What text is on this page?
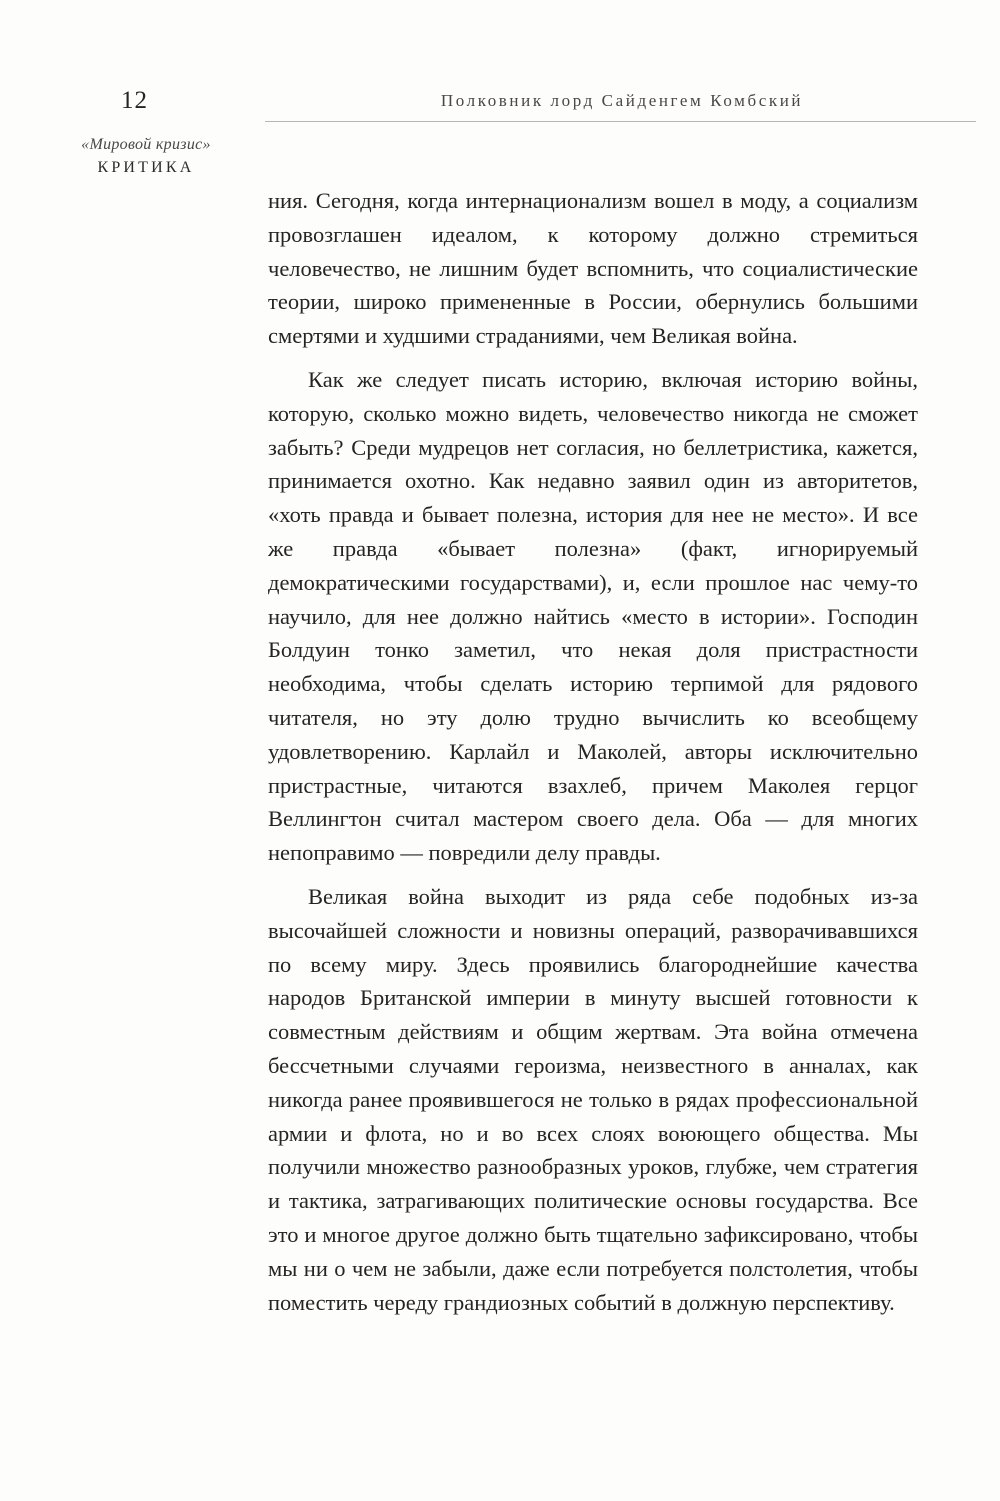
12	Полковник лорд Сайденгем Комбский
«Мировой кризис»
КРИТИКА

ния. Сегодня, когда интернационализм вошел в моду, а социализм провозглашен идеалом, к которому должно стремиться человечество, не лишним будет вспомнить, что социалистические теории, широко примененные в России, обернулись большими смертями и худшими страданиями, чем Великая война.

Как же следует писать историю, включая историю войны, которую, сколько можно видеть, человечество никогда не сможет забыть? Среди мудрецов нет согласия, но беллетристика, кажется, принимается охотно. Как недавно заявил один из авторитетов, «хоть правда и бывает полезна, история для нее не место». И все же правда «бывает полезна» (факт, игнорируемый демократическими государствами), и, если прошлое нас чему-то научило, для нее должно найтись «место в истории». Господин Болдуин тонко заметил, что некая доля пристрастности необходима, чтобы сделать историю терпимой для рядового читателя, но эту долю трудно вычислить ко всеобщему удовлетворению. Карлайл и Маколей, авторы исключительно пристрастные, читаются взахлеб, причем Маколея герцог Веллингтон считал мастером своего дела. Оба — для многих непоправимо — повредили делу правды.

Великая война выходит из ряда себе подобных из-за высочайшей сложности и новизны операций, разворачивавшихся по всему миру. Здесь проявились благороднейшие качества народов Британской империи в минуту высшей готовности к совместным действиям и общим жертвам. Эта война отмечена бессчетными случаями героизма, неизвестного в анналах, как никогда ранее проявившегося не только в рядах профессиональной армии и флота, но и во всех слоях воюющего общества. Мы получили множество разнообразных уроков, глубже, чем стратегия и тактика, затрагивающих политические основы государства. Все это и многое другое должно быть тщательно зафиксировано, чтобы мы ни о чем не забыли, даже если потребуется полстолетия, чтобы поместить череду грандиозных событий в должную перспективу.
